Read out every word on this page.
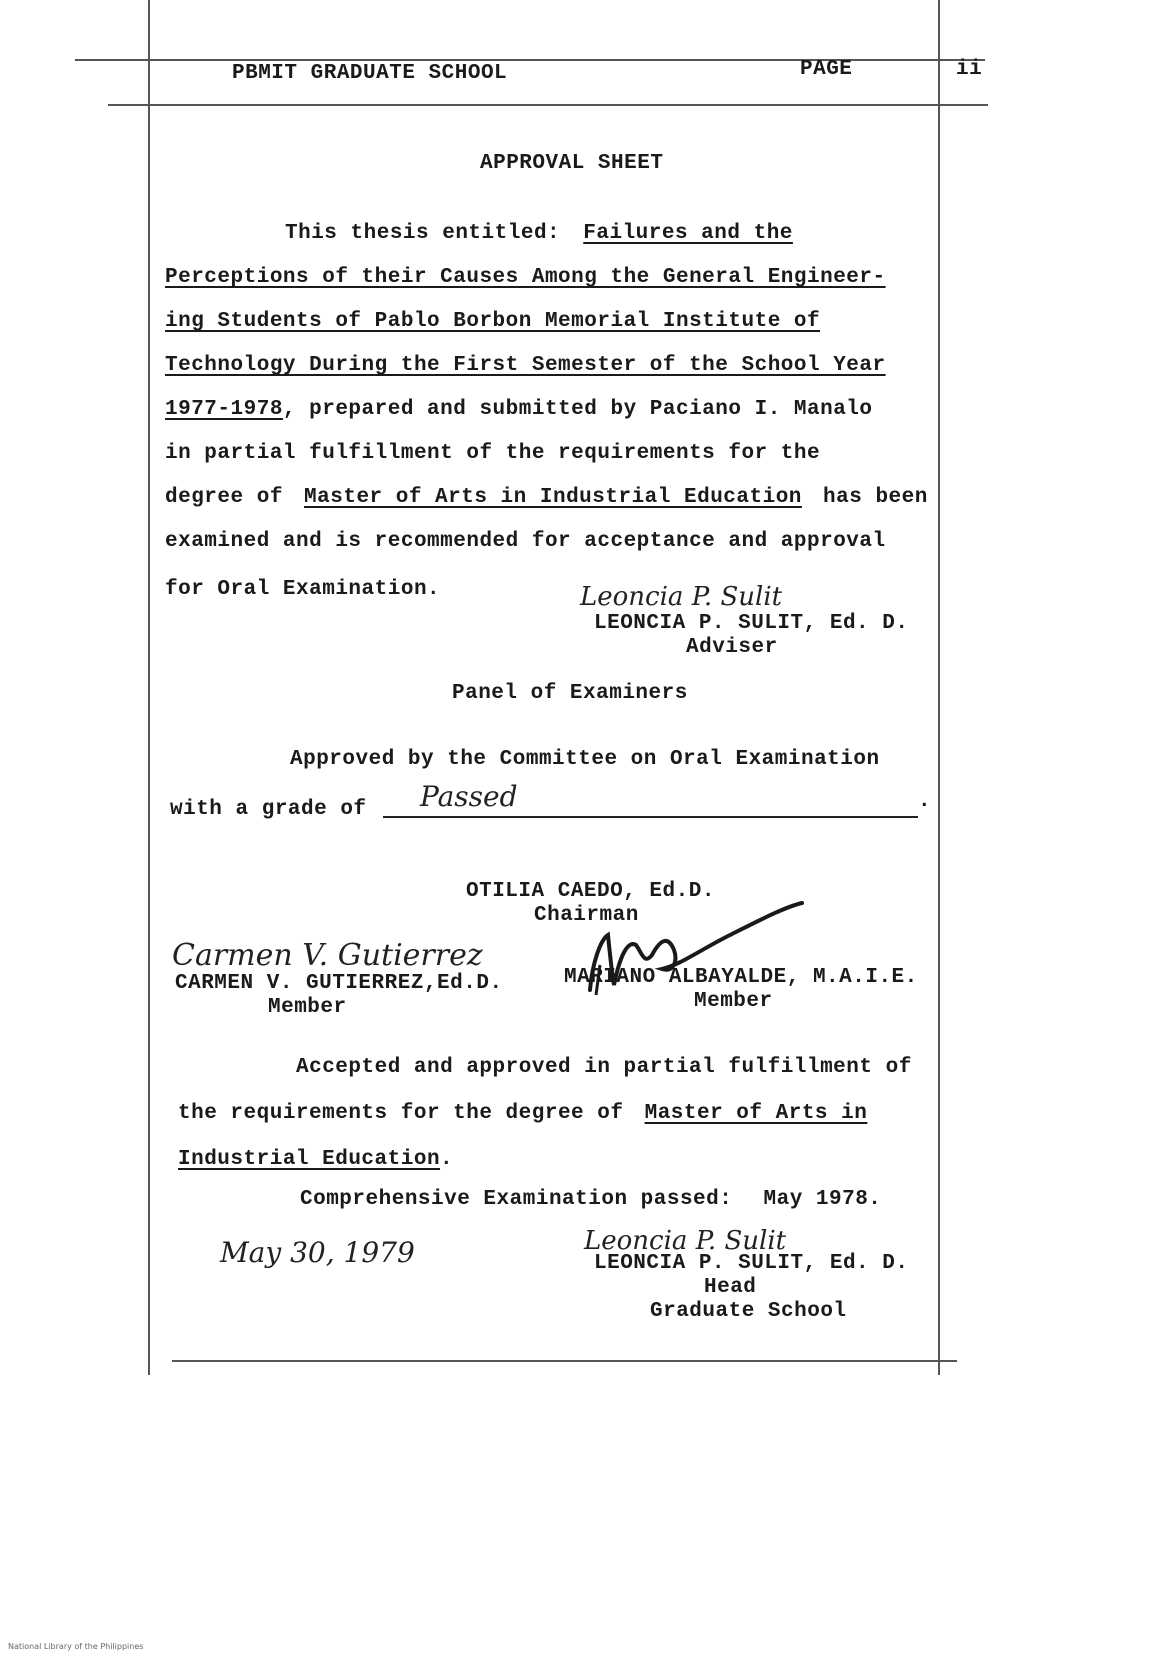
PBMIT GRADUATE SCHOOL	PAGE	ii
APPROVAL SHEET
This thesis entitled: Failures and the
Perceptions of their Causes Among the General Engineer-
ing Students of Pablo Borbon Memorial Institute of
Technology During the First Semester of the School Year
1977-1978, prepared and submitted by Paciano I. Manalo
in partial fulfillment of the requirements for the
degree of Master of Arts in Industrial Education has been
examined and is recommended for acceptance and approval
for Oral Examination.	Leoncia P. Sulit
LEONCIA P. SULIT, Ed. D.
Adviser
Panel of Examiners
Approved by the Committee on Oral Examination
with a grade of Passed	.
OTILIA CAEDO, Ed.D.
Chairman
Carmen V. Gutierrez
CARMEN V. GUTIERREZ,Ed.D.
Member
MARIANO ALBAYALDE, M.A.I.E.
Member
Accepted and approved in partial fulfillment of
the requirements for the degree of Master of Arts in
Industrial Education.
Comprehensive Examination passed: May 1978.
May 30, 1979	Leoncia P. Sulit
LEONCIA P. SULIT, Ed. D.
Head
Graduate School
National Library of the Philippines
